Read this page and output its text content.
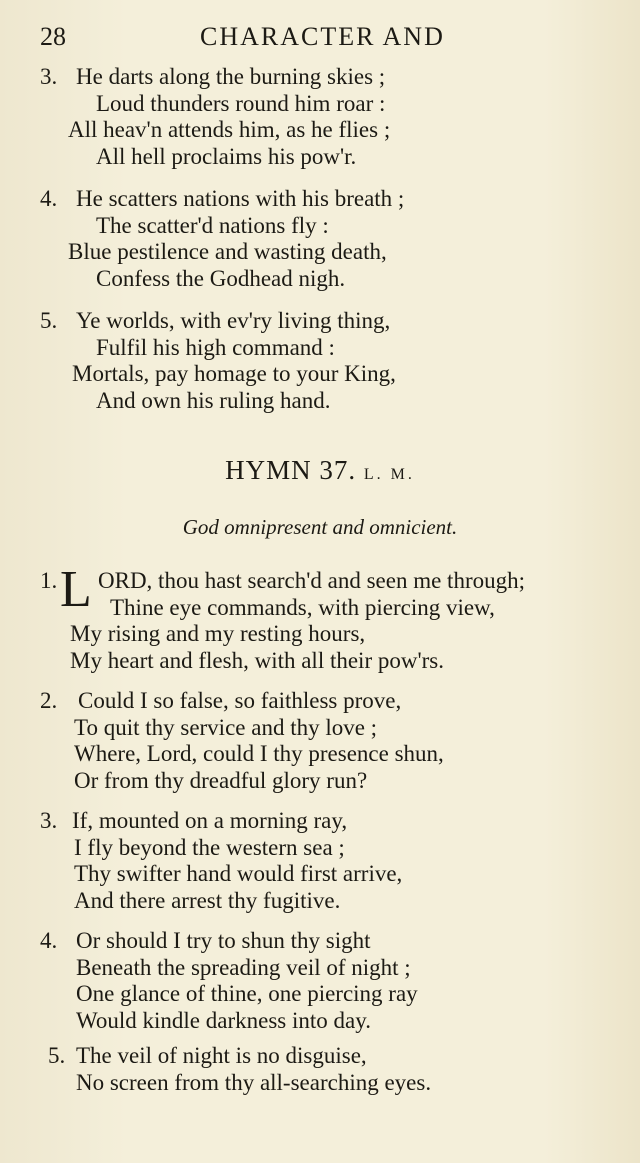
28	CHARACTER AND
3. He darts along the burning skies ;
Loud thunders round him roar :
All heav'n attends him, as he flies ;
All hell proclaims his pow'r.
4. He scatters nations with his breath ;
The scatter'd nations fly :
Blue pestilence and wasting death,
Confess the Godhead nigh.
5. Ye worlds, with ev'ry living thing,
Fulfil his high command :
Mortals, pay homage to your King,
And own his ruling hand.
HYMN 37. L. M.
God omnipresent and omnicient.
1. L ORD, thou hast search'd and seen me through;
Thine eye commands, with piercing view,
My rising and my resting hours,
My heart and flesh, with all their pow'rs.
2. Could I so false, so faithless prove,
To quit thy service and thy love ;
Where, Lord, could I thy presence shun,
Or from thy dreadful glory run?
3. If, mounted on a morning ray,
I fly beyond the western sea ;
Thy swifter hand would first arrive,
And there arrest thy fugitive.
4. Or should I try to shun thy sight
Beneath the spreading veil of night ;
One glance of thine, one piercing ray
Would kindle darkness into day.
5. The veil of night is no disguise,
No screen from thy all-searching eyes.
